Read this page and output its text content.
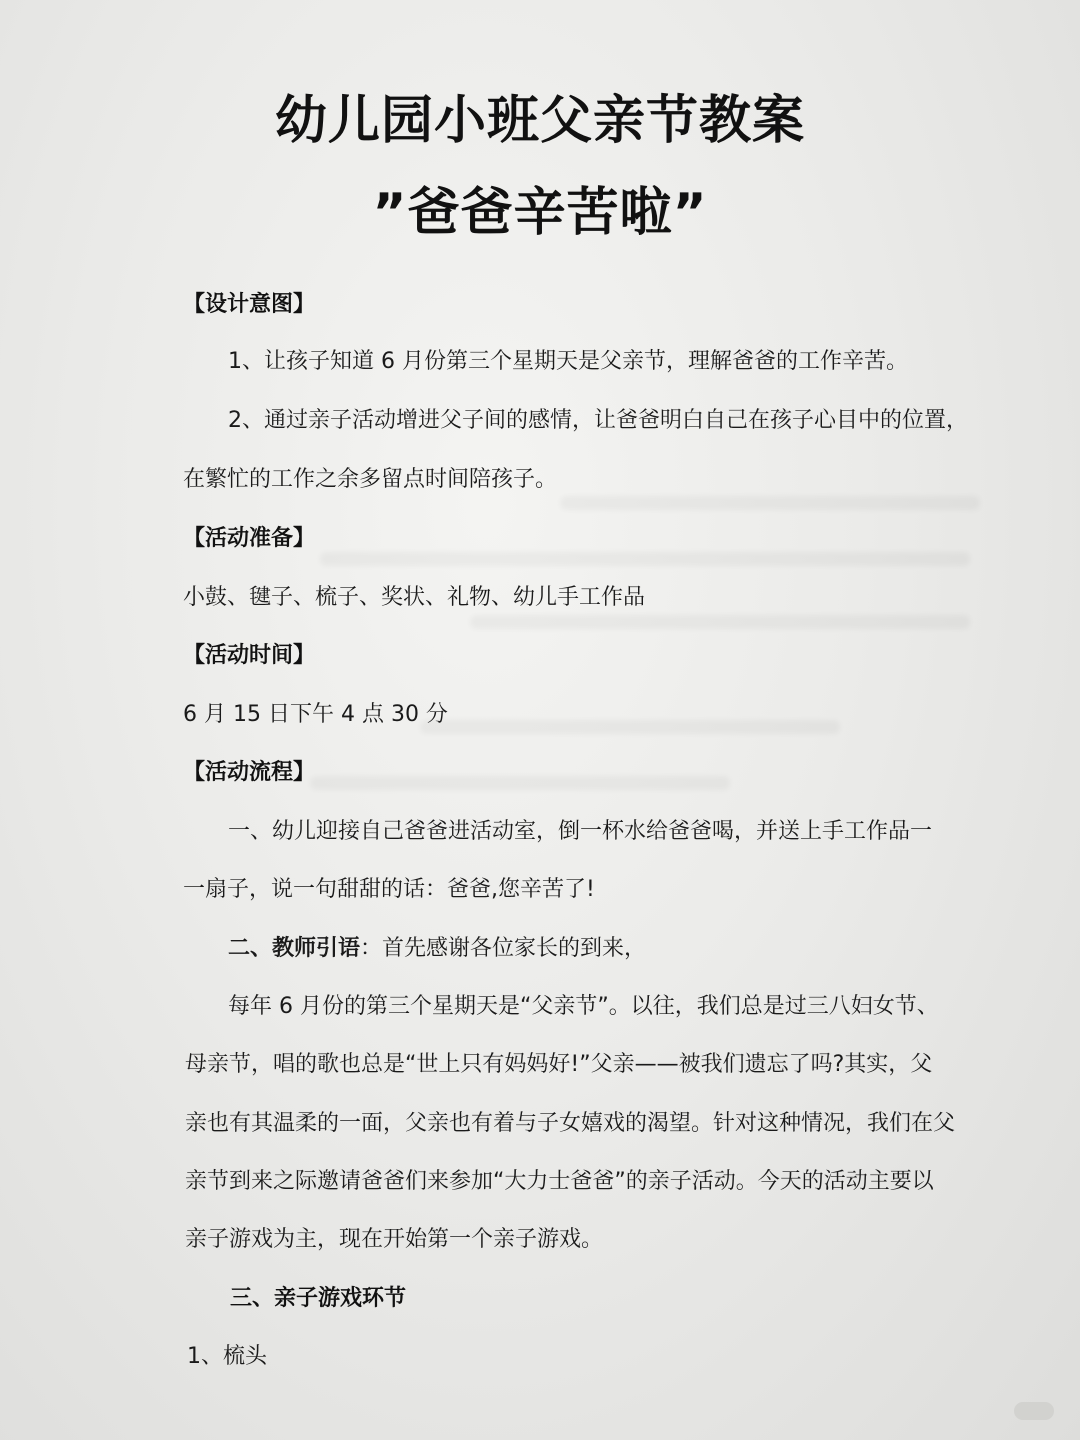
幼儿园小班父亲节教案
”爸爸辛苦啦”
【设计意图】
1、让孩子知道 6 月份第三个星期天是父亲节，理解爸爸的工作辛苦。
2、通过亲子活动增进父子间的感情，让爸爸明白自己在孩子心目中的位置，
在繁忙的工作之余多留点时间陪孩子。
【活动准备】
小鼓、毽子、梳子、奖状、礼物、幼儿手工作品
【活动时间】
6 月 15 日下午 4 点 30 分
【活动流程】
一、幼儿迎接自己爸爸进活动室，倒一杯水给爸爸喝，并送上手工作品一
一扇子，说一句甜甜的话：爸爸,您辛苦了!
二、教师引语：首先感谢各位家长的到来，
每年 6 月份的第三个星期天是“父亲节”。以往，我们总是过三八妇女节、
母亲节，唱的歌也总是“世上只有妈妈好!”父亲——被我们遗忘了吗?其实，父
亲也有其温柔的一面，父亲也有着与子女嬉戏的渴望。针对这种情况，我们在父
亲节到来之际邀请爸爸们来参加“大力士爸爸”的亲子活动。今天的活动主要以
亲子游戏为主，现在开始第一个亲子游戏。
三、亲子游戏环节
1、梳头
